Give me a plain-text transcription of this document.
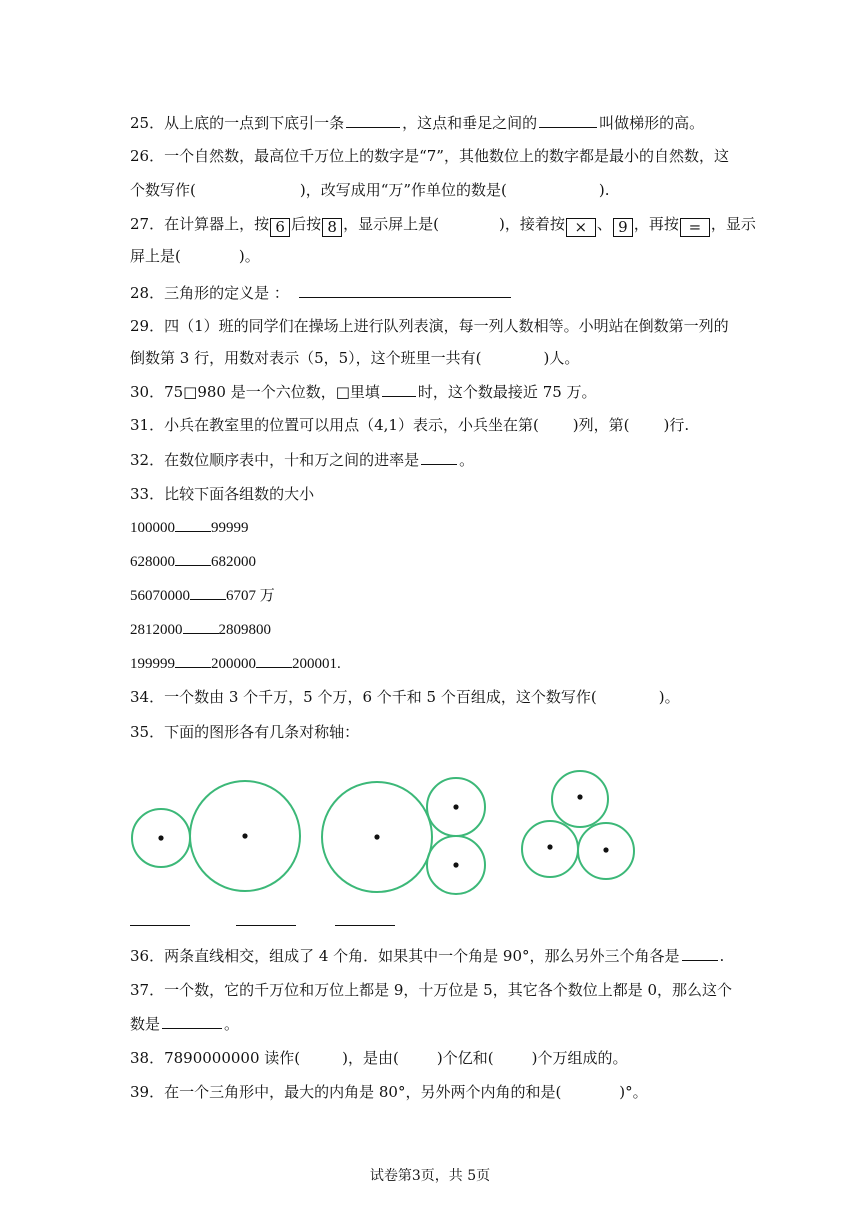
25．从上底的一点到下底引一条	，这点和垂足之间的	叫做梯形的高。
26．一个自然数，最高位千万位上的数字是“7”，其他数位上的数字都是最小的自然数，这
个数写作(	)，改写成用“万”作单位的数是(	).
27．在计算器上，按 6 后按 8 ，显示屏上是(	)，接着按 × 、 9 ，再按 = ，显示
屏上是(	)。
28．三角形的定义是 ：
29．四（1）班的同学们在操场上进行队列表演，每一列人数相等。小明站在倒数第一列的
倒数第 3 行，用数对表示（5，5），这个班里一共有(	)人。
30．75□980 是一个六位数，□里填	时，这个数最接近 75 万。
31．小兵在教室里的位置可以用点（4,1）表示，小兵坐在第( )列，第( )行.
32．在数位顺序表中，十和万之间的进率是	。
33．比较下面各组数的大小
100000 99999
628000 682000
56070000 6707 万
2812000 2809800
199999 200000 200001.
34．一个数由 3 个千万，5 个万，6 个千和 5 个百组成，这个数写作(	)。
35．下面的图形各有几条对称轴：
36．两条直线相交，组成了 4 个角．如果其中一个角是 90°，那么另外三个角各是	.
37．一个数，它的千万位和万位上都是 9，十万位是 5，其它各个数位上都是 0，那么这个
数是	。
38．7890000000 读作(	)，是由(	)个亿和(	)个万组成的。
39．在一个三角形中，最大的内角是 80°，另外两个内角的和是(	)°。
试卷第3页，共 5页
